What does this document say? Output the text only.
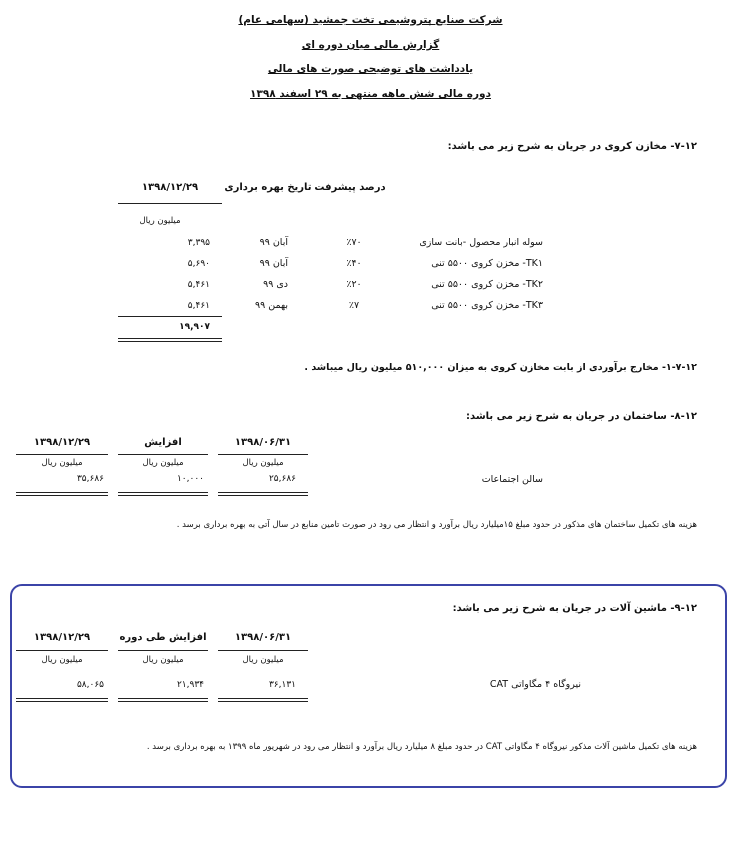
شرکت صنایع پتروشیمی تخت جمشید (سهامی عام)
گزارش مالی میان دوره ای
یادداشت های توضیحی صورت های مالی
دوره مالی شش ماهه منتهی به ۲۹ اسفند ۱۳۹۸
۷-۱۲- مخازن کروی در جریان به شرح زیر می باشد:
درصد پیشرفت
تاریخ بهره برداری
۱۳۹۸/۱۲/۲۹
میلیون ریال
سوله انبار محصول -بانت سازی
٪۷۰
آبان ۹۹
۳,۳۹۵
TK۱- مخزن کروی ۵۵۰۰ تنی
٪۴۰
آبان ۹۹
۵,۶۹۰
TK۲- مخزن کروی ۵۵۰۰ تنی
٪۲۰
دی ۹۹
۵,۴۶۱
TK۳- مخزن کروی ۵۵۰۰ تنی
٪۷
بهمن ۹۹
۵,۴۶۱
۱۹,۹۰۷
۱-۷-۱۲- مخارج برآوردی از بابت مخازن کروی به میزان ۵۱۰,۰۰۰ میلیون ریال میباشد .
۸-۱۲- ساختمان در جریان به شرح زیر می باشد:
۱۳۹۸/۰۶/۳۱
افزایش
۱۳۹۸/۱۲/۲۹
میلیون ریال
میلیون ریال
میلیون ریال
سالن اجتماعات
۲۵,۶۸۶
۱۰,۰۰۰
۳۵,۶۸۶
هزینه های تکمیل ساختمان های مذکور در حدود مبلغ ۱۵میلیارد ریال برآورد و انتظار می رود در صورت تامین منابع در سال آتی به بهره برداری برسد .
۹-۱۲- ماشین آلات در جریان به شرح زیر می باشد:
۱۳۹۸/۰۶/۳۱
افزایش طی دوره
۱۳۹۸/۱۲/۲۹
میلیون ریال
میلیون ریال
میلیون ریال
نیروگاه ۴ مگاواتی CAT
۳۶,۱۳۱
۲۱,۹۳۴
۵۸,۰۶۵
هزینه های تکمیل ماشین آلات مذکور نیروگاه ۴ مگاواتی CAT در حدود مبلغ ۸ میلیارد ریال برآورد و انتظار می رود در شهریور ماه ۱۳۹۹ به بهره برداری برسد .
